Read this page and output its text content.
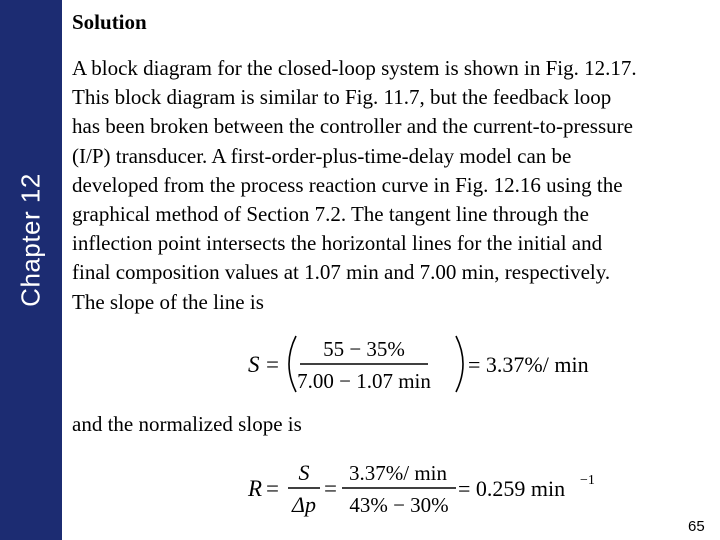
Chapter 12
Solution
A block diagram for the closed-loop system is shown in Fig. 12.17.
This block diagram is similar to Fig. 11.7, but the feedback loop
has been broken between the controller and the current-to-pressure
(I/P) transducer. A first-order-plus-time-delay model can be
developed from the process reaction curve in Fig. 12.16 using the
graphical method of Section 7.2. The tangent line through the
inflection point intersects the horizontal lines for the initial and
final composition values at 1.07 min and 7.00 min, respectively.
The slope of the line is
S =
55 − 35%
7.00 − 1.07 min
= 3.37%/ min
and the normalized slope is
R =
S
Δp
=
3.37%/ min
43% − 30%
= 0.259 min −1
65
